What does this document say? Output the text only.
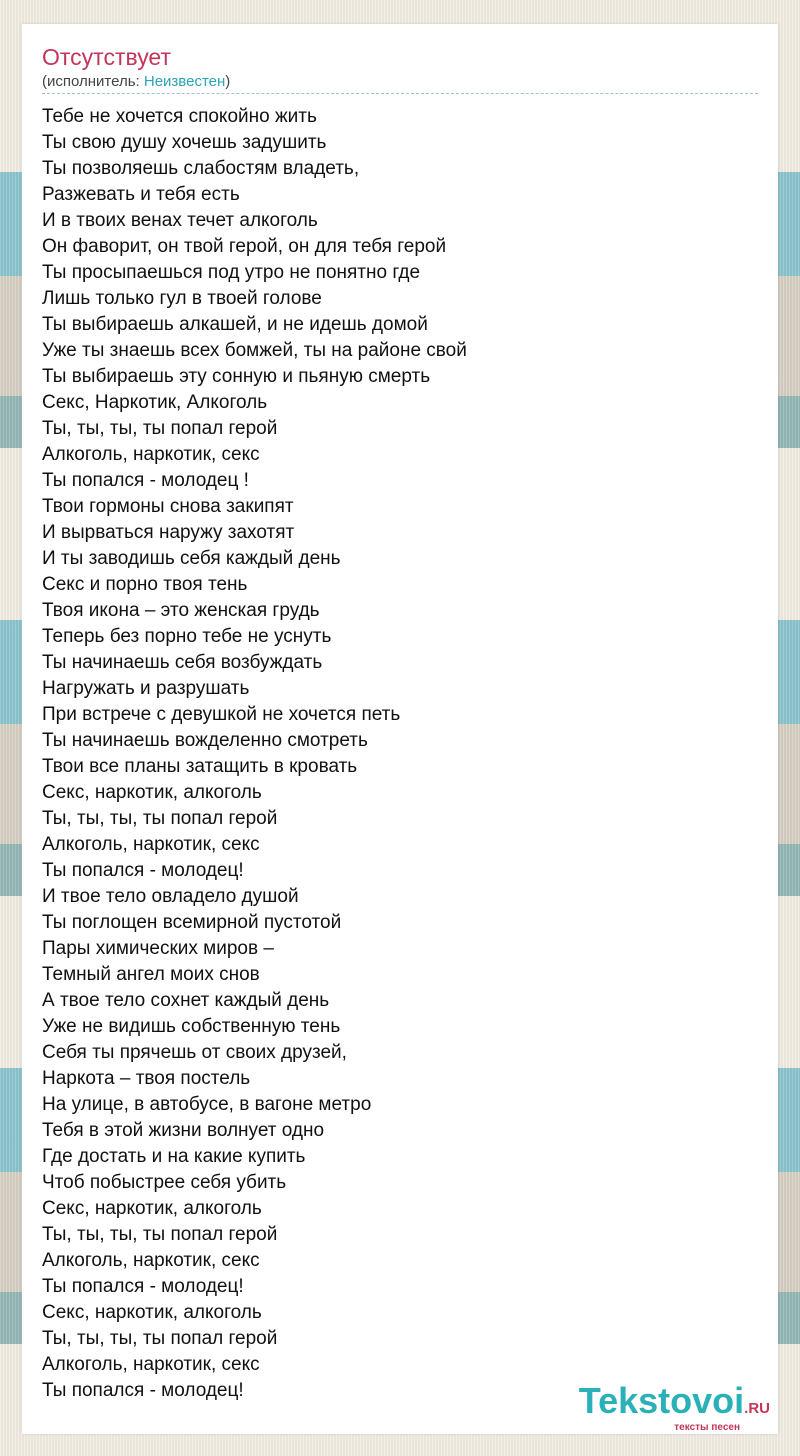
Отсутствует
(исполнитель: Неизвестен)
Тебе не хочется спокойно жить
Ты свою душу хочешь задушить
Ты позволяешь слабостям владеть,
Разжевать и тебя есть
И в твоих венах течет алкоголь
Он фаворит, он твой герой, он для тебя герой
Ты просыпаешься под утро не понятно где
Лишь только гул в твоей голове
Ты выбираешь алкашей, и не идешь домой
Уже ты знаешь всех бомжей, ты на районе свой
Ты выбираешь эту сонную и пьяную смерть
Секс, Наркотик, Алкоголь
Ты, ты, ты, ты попал герой
Алкоголь, наркотик, секс
Ты попался - молодец !
Твои гормоны снова закипят
И вырваться наружу захотят
И ты заводишь себя каждый день
Секс и порно твоя тень
Твоя икона – это женская грудь
Теперь без порно тебе не уснуть
Ты начинаешь себя возбуждать
Нагружать и разрушать
При встрече с девушкой не хочется петь
Ты начинаешь вожделенно смотреть
Твои все планы затащить в кровать
Секс, наркотик, алкоголь
Ты, ты, ты, ты попал герой
Алкоголь, наркотик, секс
Ты попался - молодец!
И твое тело овладело душой
Ты поглощен всемирной пустотой
Пары химических миров –
Темный ангел моих снов
А твое тело сохнет каждый день
Уже не видишь собственную тень
Себя ты прячешь от своих друзей,
Наркота – твоя постель
На улице, в автобусе, в вагоне метро
Тебя в этой жизни волнует одно
Где достать и на какие купить
Чтоб побыстрее себя убить
Секс, наркотик, алкоголь
Ты, ты, ты, ты попал герой
Алкоголь, наркотик, секс
Ты попался - молодец!
Секс, наркотик, алкоголь
Ты, ты, ты, ты попал герой
Алкоголь, наркотик, секс
Ты попался - молодец!	Tekstovoi.RU
тексты песен
